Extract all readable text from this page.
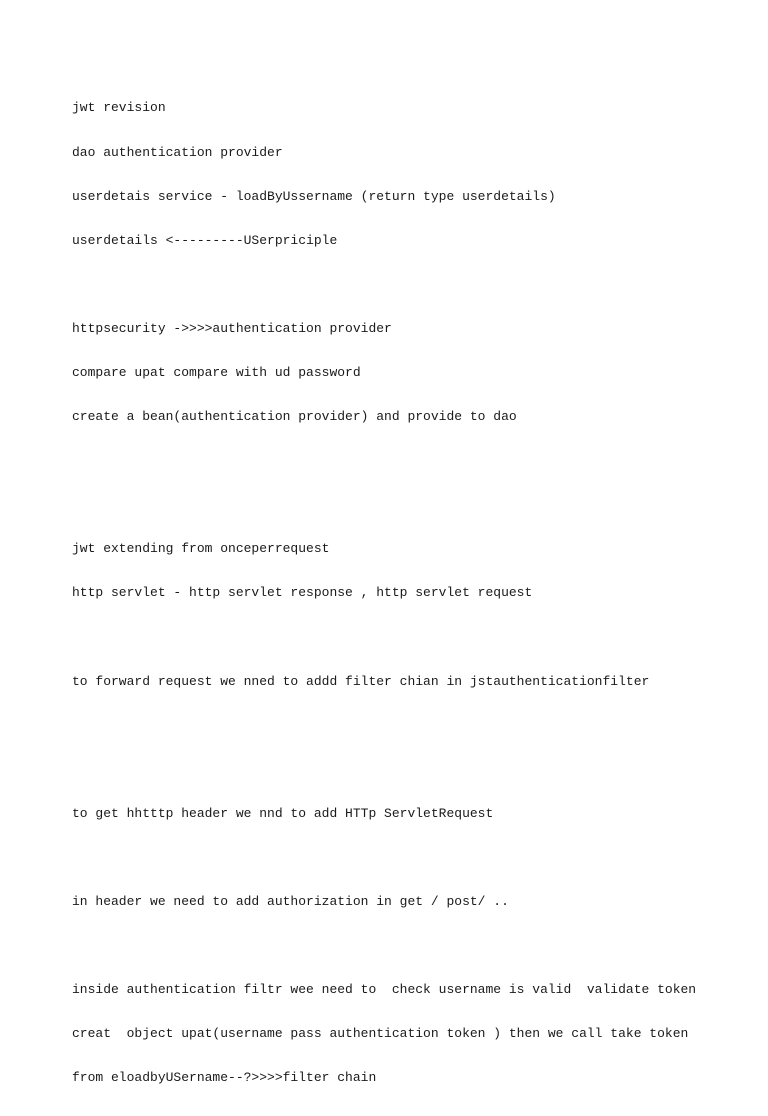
jwt revision

dao authentication provider

userdetais service - loadByUssername (return type userdetails)

userdetails <---------USerpriciple

httpsecurity ->>>>authentication provider

compare upat compare with ud password

create a bean(authentication provider) and provide to dao

jwt extending from onceperrequest

http servlet - http servlet response , http servlet request

to forward request we nned to addd filter chian in jstauthenticationfilter

to get hhtttp header we nnd to add HTTp ServletRequest

in header we need to add authorization in get / post/ ..

inside authentication filtr wee need to  check username is valid  validate token

creat  object upat(username pass authentication token ) then we call take token

from eloadbyUSername--?>>>>filter chain
